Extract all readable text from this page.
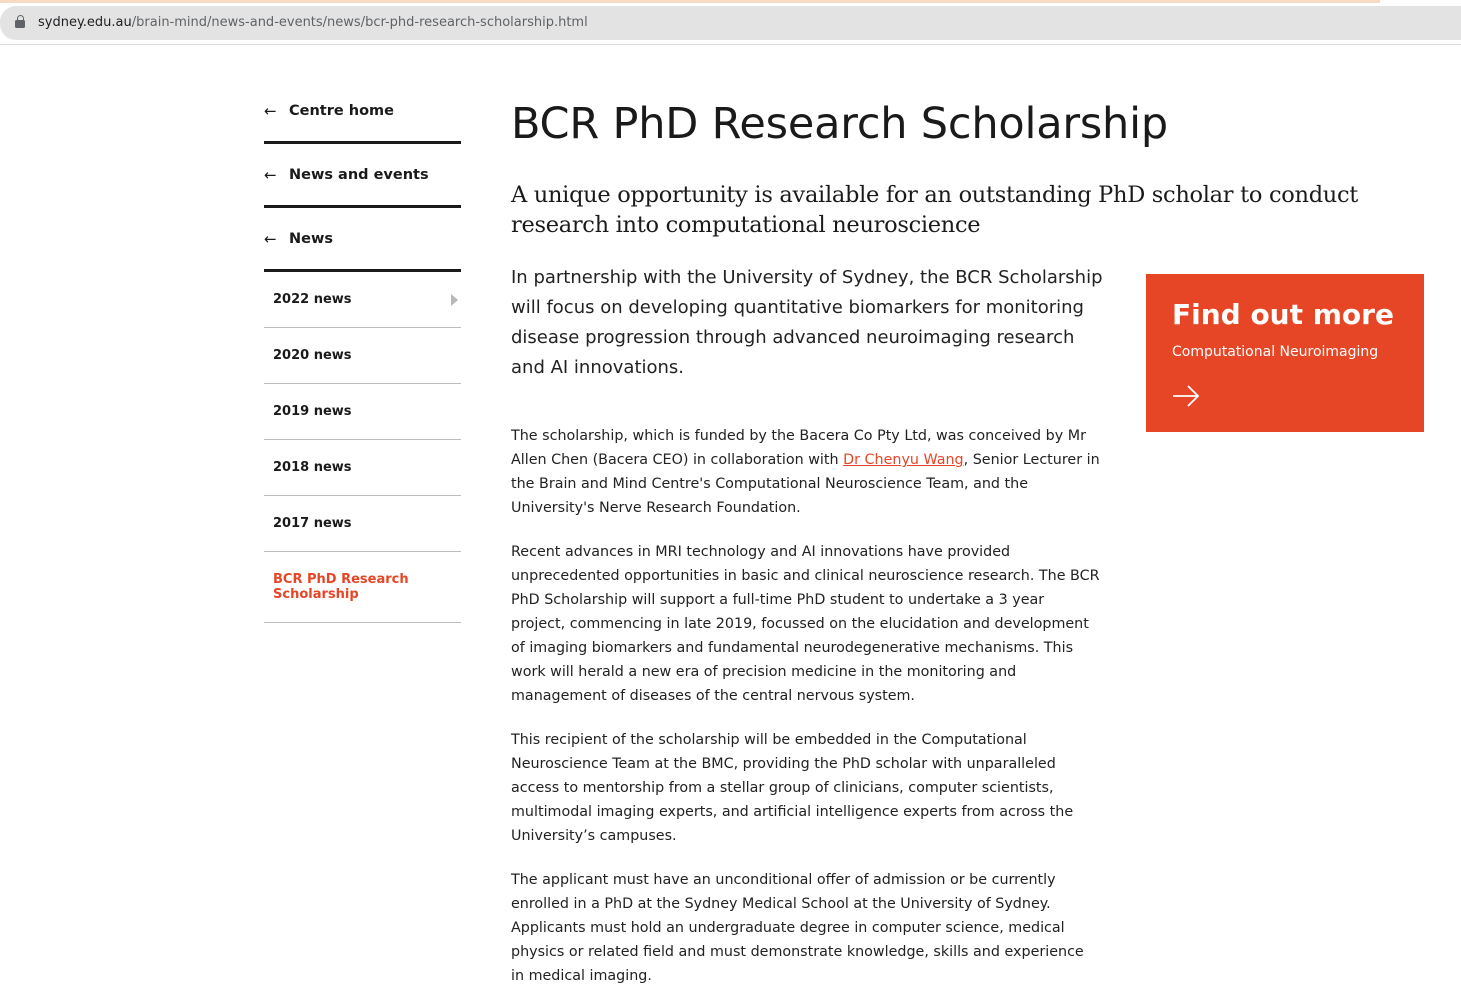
sydney.edu.au/brain-mind/news-and-events/news/bcr-phd-research-scholarship.html
← Centre home
← News and events
← News
2022 news
2020 news
2019 news
2018 news
2017 news
BCR PhD Research Scholarship
BCR PhD Research Scholarship
A unique opportunity is available for an outstanding PhD scholar to conduct research into computational neuroscience
In partnership with the University of Sydney, the BCR Scholarship will focus on developing quantitative biomarkers for monitoring disease progression through advanced neuroimaging research and AI innovations.

The scholarship, which is funded by the Bacera Co Pty Ltd, was conceived by Mr Allen Chen (Bacera CEO) in collaboration with Dr Chenyu Wang, Senior Lecturer in the Brain and Mind Centre's Computational Neuroscience Team, and the University's Nerve Research Foundation.

Recent advances in MRI technology and AI innovations have provided unprecedented opportunities in basic and clinical neuroscience research. The BCR PhD Scholarship will support a full-time PhD student to undertake a 3 year project, commencing in late 2019, focussed on the elucidation and development of imaging biomarkers and fundamental neurodegenerative mechanisms. This work will herald a new era of precision medicine in the monitoring and management of diseases of the central nervous system.

This recipient of the scholarship will be embedded in the Computational Neuroscience Team at the BMC, providing the PhD scholar with unparalleled access to mentorship from a stellar group of clinicians, computer scientists, multimodal imaging experts, and artificial intelligence experts from across the University’s campuses.

The applicant must have an unconditional offer of admission or be currently enrolled in a PhD at the Sydney Medical School at the University of Sydney. Applicants must hold an undergraduate degree in computer science, medical physics or related field and must demonstrate knowledge, skills and experience in medical imaging.

Find out more
Computational Neuroimaging
